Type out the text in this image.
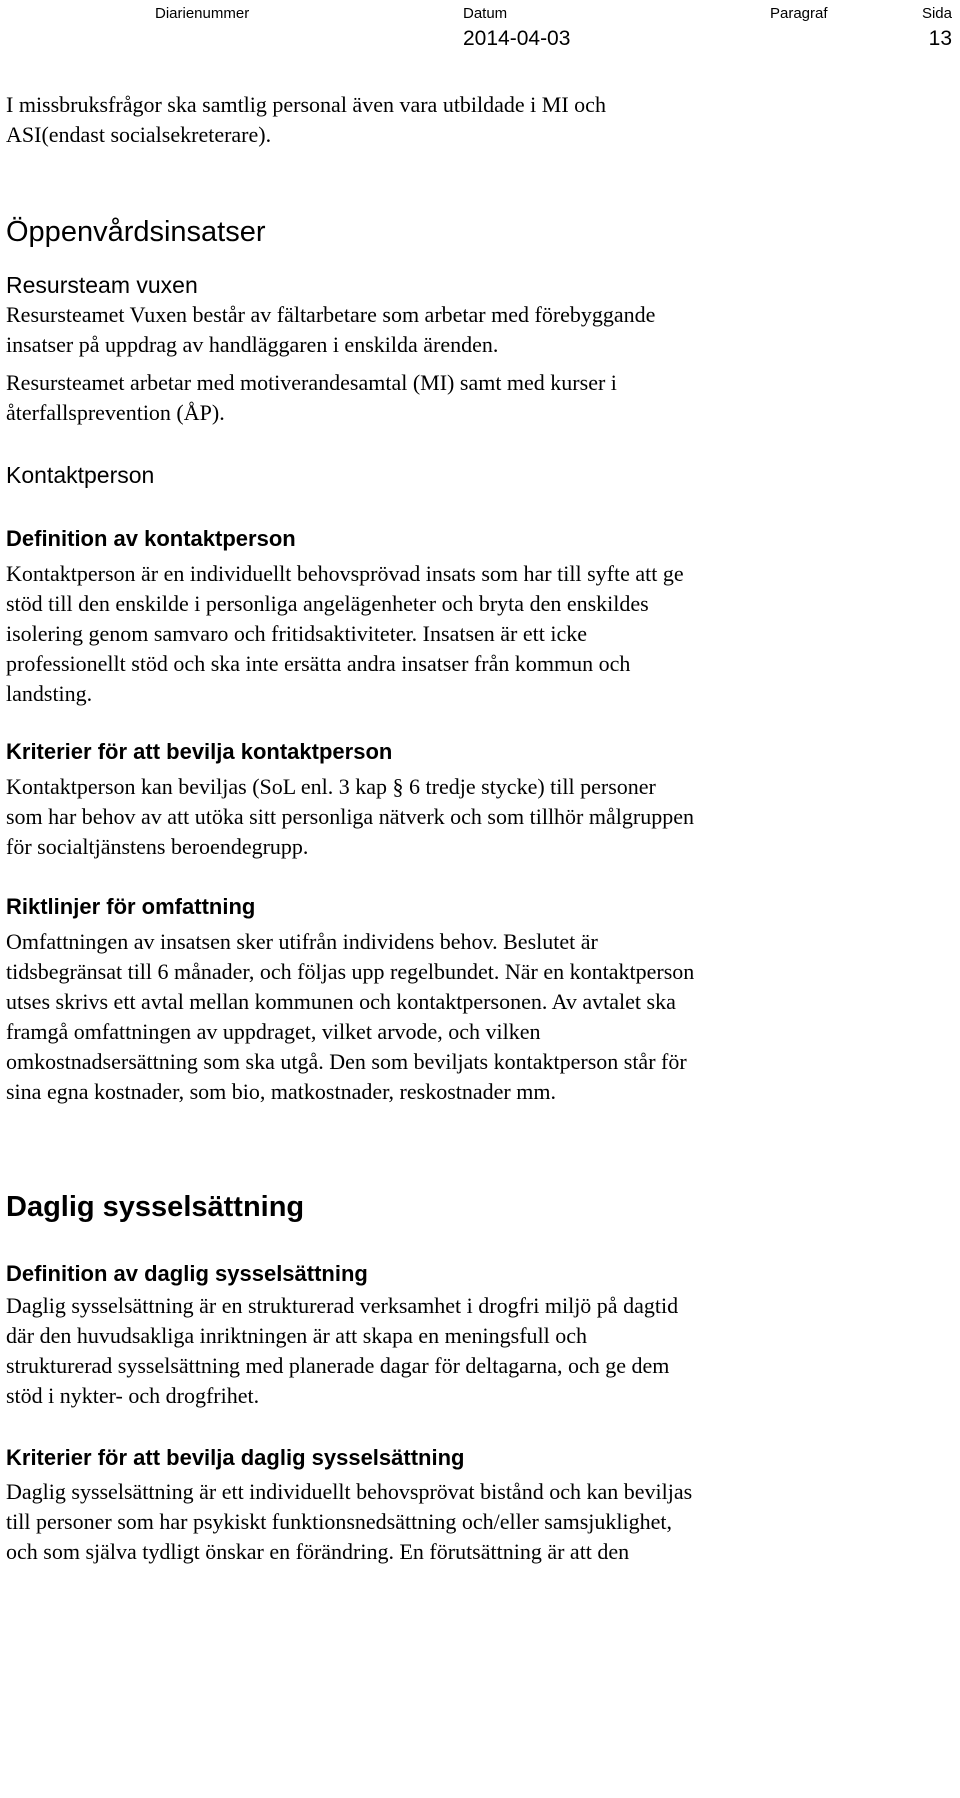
Diarienummer	Datum
2014-04-03
Paragraf	Sida
13

I missbruksfrågor ska samtlig personal även vara utbildade i MI och

ASI(endast socialsekreterare).

Öppenvårdsinsatser
Resursteam vuxen

Resursteamet Vuxen består av fältarbetare som arbetar med förebyggande

insatser på uppdrag av handläggaren i enskilda ärenden.

Resursteamet arbetar med motiverandesamtal (MI) samt med kurser i

återfallsprevention (ÅP).

Kontaktperson
Definition av kontaktperson

Kontaktperson är en individuellt behovsprövad insats som har till syfte att ge

stöd till den enskilde i personliga angelägenheter och bryta den enskildes

isolering genom samvaro och fritidsaktiviteter. Insatsen är ett icke

professionellt stöd och ska inte ersätta andra insatser från kommun och

landsting.

Kriterier för att bevilja kontaktperson

Kontaktperson kan beviljas (SoL enl. 3 kap § 6 tredje stycke) till personer

som har behov av att utöka sitt personliga nätverk och som tillhör målgruppen

för socialtjänstens beroendegrupp.

Riktlinjer för omfattning

Omfattningen av insatsen sker utifrån individens behov. Beslutet är

tidsbegränsat till 6 månader, och följas upp regelbundet. När en kontaktperson

utses skrivs ett avtal mellan kommunen och kontaktpersonen. Av avtalet ska

framgå omfattningen av uppdraget, vilket arvode, och vilken

omkostnadsersättning som ska utgå. Den som beviljats kontaktperson står för

sina egna kostnader, som bio, matkostnader, reskostnader mm.

Daglig sysselsättning
Definition av daglig sysselsättning

Daglig sysselsättning är en strukturerad verksamhet i drogfri miljö på dagtid

där den huvudsakliga inriktningen är att skapa en meningsfull och

strukturerad sysselsättning med planerade dagar för deltagarna, och ge dem

stöd i nykter- och drogfrihet.

Kriterier för att bevilja daglig sysselsättning

Daglig sysselsättning är ett individuellt behovsprövat bistånd och kan beviljas

till personer som har psykiskt funktionsnedsättning och/eller samsjuklighet,

och som själva tydligt önskar en förändring. En förutsättning är att den
